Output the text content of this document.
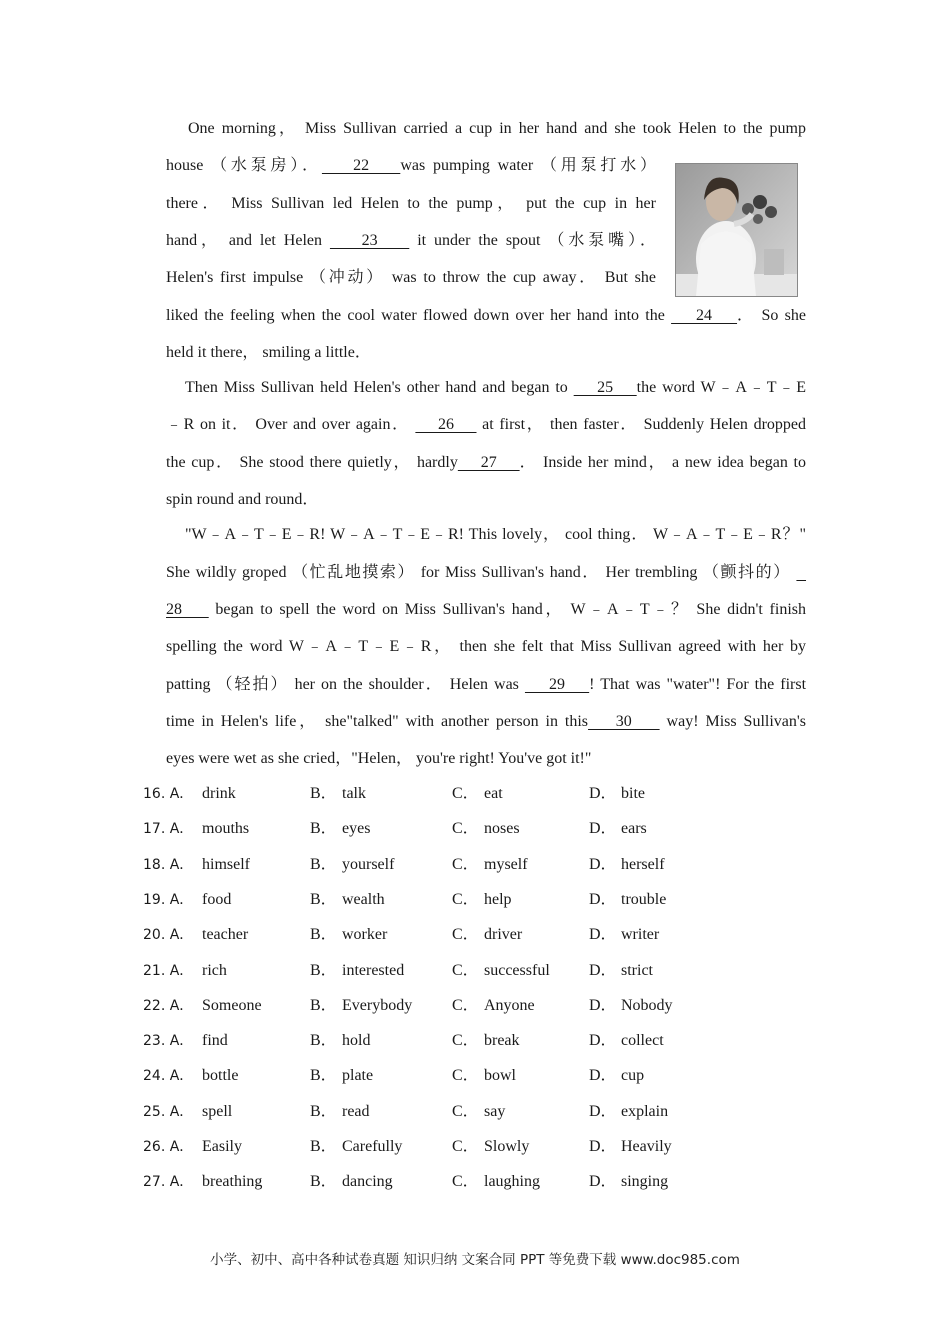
One morning， Miss Sullivan carried a cup in her hand and she took Helen to the pump
house （水泵房）．    22    was pumping water （用泵打水）
there． Miss Sullivan led Helen to the pump， put the cup in her
hand， and let Helen     23     it under the spout （水泵嘴）．
Helen's first impulse （冲动） was to throw the cup away． But she
liked the feeling when the cool water flowed down over her hand into the     24    ． So she
held it there， smiling a little．
Then Miss Sullivan held Helen's other hand and began to     25    the word W﹣A﹣T﹣E
﹣R on it． Over and over again．     26     at first， then faster． Suddenly Helen dropped
the cup． She stood there quietly， hardly    27    ． Inside her mind， a new idea began to
spin round and round．
"W﹣A﹣T﹣E﹣R! W﹣A﹣T﹣E﹣R! This lovely， cool thing． W﹣A﹣T﹣E﹣R？"
She wildly groped （忙乱地摸索） for Miss Sullivan's hand． Her trembling （颤抖的）
28     began to spell the word on Miss Sullivan's hand， W﹣A﹣T﹣？ She didn't finish
spelling the word W﹣A﹣T﹣E﹣R， then she felt that Miss Sullivan agreed with her by
patting （轻拍） her on the shoulder． Helen was     29    ! That was "water"! For the first
time in Helen's life， she"talked" with another person in this    30     way! Miss Sullivan's
eyes were wet as she cried，"Helen， you're right! You've got it!"
16. A． drink	B． talk	C． eat	D． bite
17. A． mouths	B． eyes	C． noses	D． ears
18. A． himself	B． yourself	C． myself	D． herself
19. A． food	B． wealth	C． help	D． trouble
20. A． teacher	B． worker	C． driver	D． writer
21. A． rich	B． interested	C． successful D． strict
22. A． Someone	B． Everybody C． Anyone	D． Nobody
23. A． find	B． hold	C． break	D． collect
24. A． bottle	B． plate	C． bowl	D． cup
25. A． spell	B． read	C． say	D． explain
26. A． Easily	B． Carefully	C． Slowly	D． Heavily
27. A． breathing	B． dancing	C． laughing	D． singing
小学、初中、高中各种试卷真题 知识归纳 文案合同 PPT 等免费下载 www.doc985.com
